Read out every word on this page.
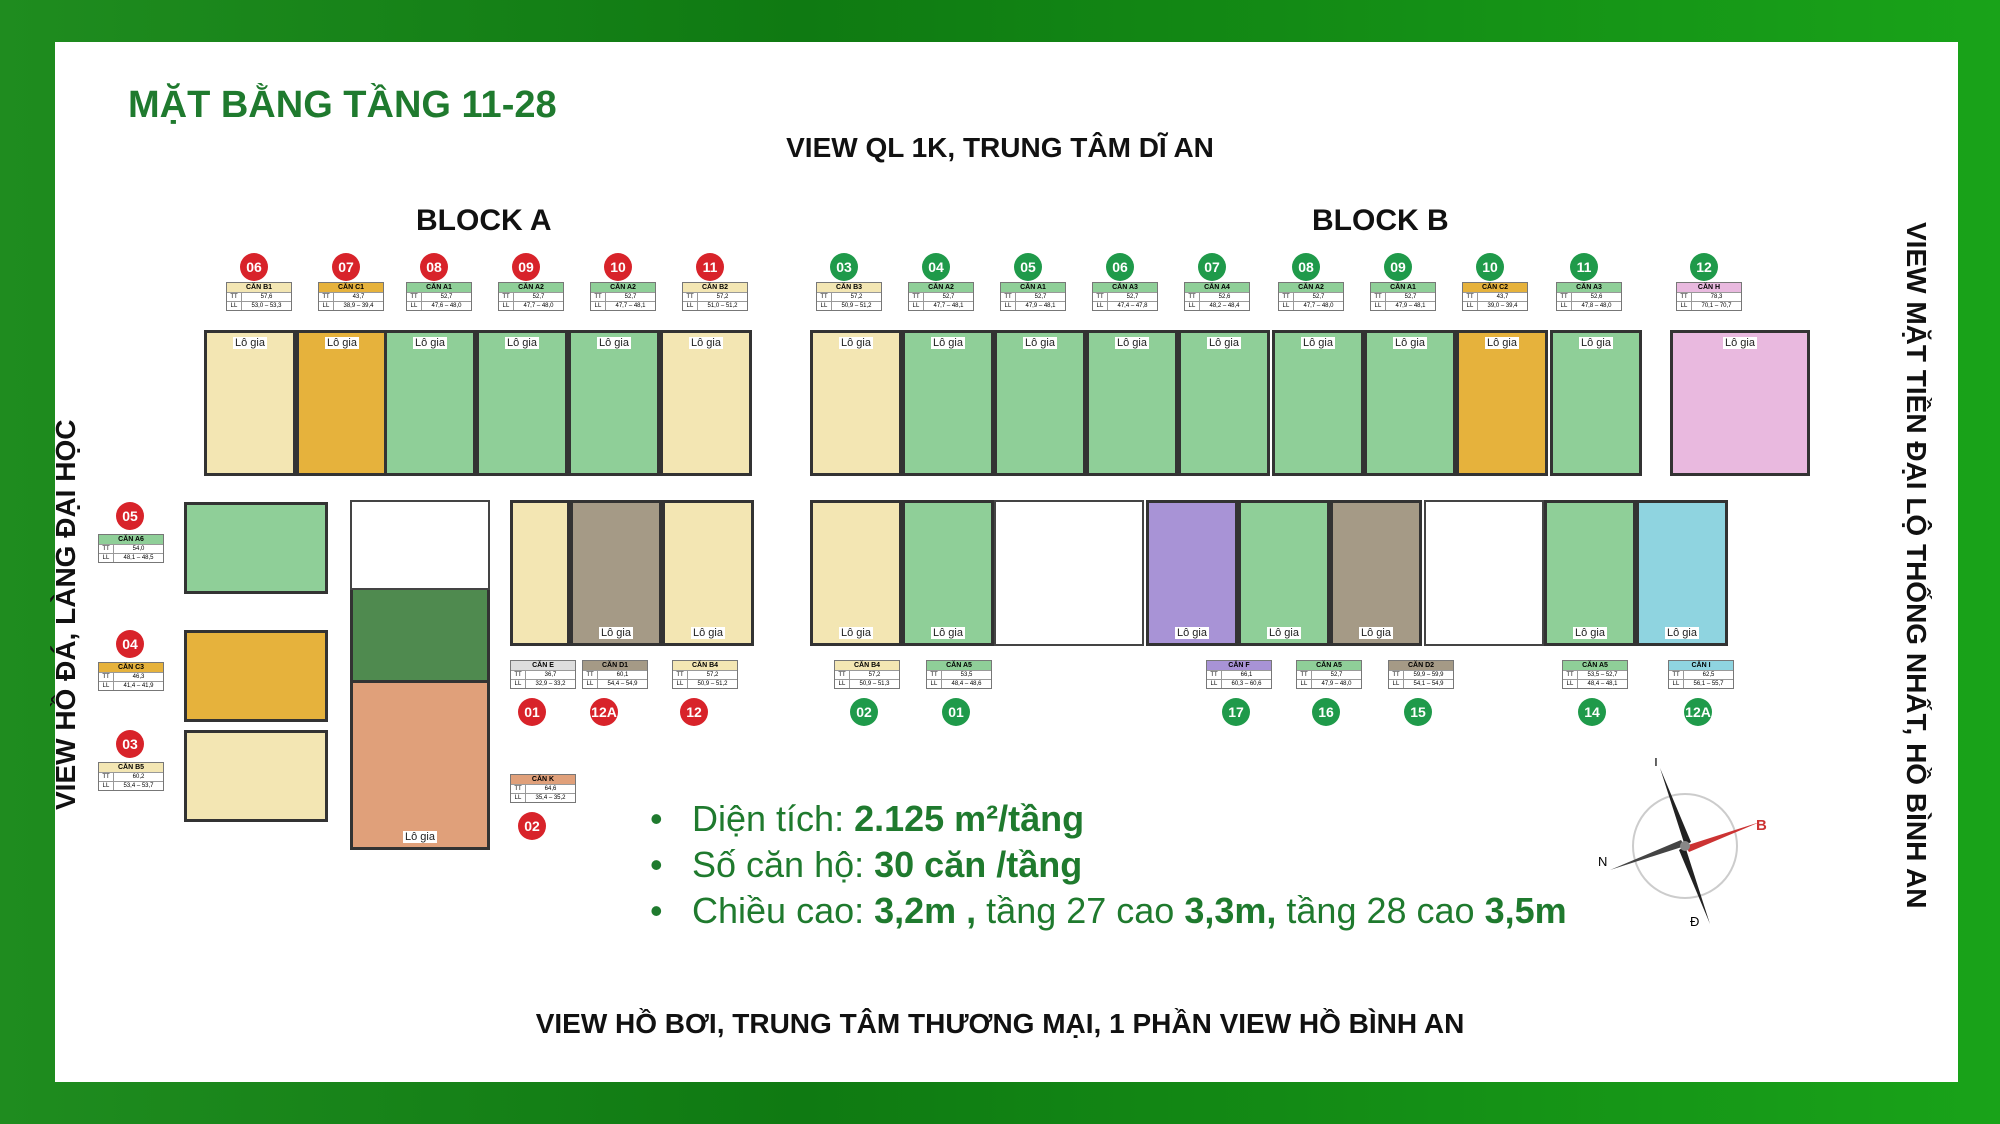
MẶT BẰNG TẦNG 11-28
VIEW QL 1K, TRUNG TÂM DĨ AN
VIEW HỒ BƠI, TRUNG TÂM THƯƠNG MẠI, 1 PHẦN VIEW HỒ BÌNH AN
VIEW HỒ ĐÁ, LÀNG ĐẠI HỌC	VIEW MẶT TIỀN ĐẠI LỘ THỐNG NHẤT, HỒ BÌNH AN
BLOCK A	BLOCK B
06
CĂN B1
TT	57,6
LL	53,0 – 53,3
Lô gia
07
CĂN C1
TT	43,7
LL	38,9 – 39,4
Lô gia
08
CĂN A1
TT	52,7
LL	47,6 – 48,0
Lô gia
09
CĂN A2
TT	52,7
LL	47,7 – 48,0
Lô gia
10
CĂN A2
TT	52,7
LL	47,7 – 48,1
Lô gia
11
CĂN B2
TT	57,2
LL	51,0 – 51,2
Lô gia
03
CĂN B3
TT	57,2
LL	50,9 – 51,2
Lô gia
04
CĂN A2
TT	52,7
LL	47,7 – 48,1
Lô gia
05
CĂN A1
TT	52,7
LL	47,9 – 48,1
Lô gia
06
CĂN A3
TT	52,7
LL	47,4 – 47,8
Lô gia
07
CĂN A4
TT	52,6
LL	48,2 – 48,4
Lô gia
08
CĂN A2
TT	52,7
LL	47,7 – 48,0
Lô gia
09
CĂN A1
TT	52,7
LL	47,9 – 48,1
Lô gia
10
CĂN C2
TT	43,7
LL	39,0 – 39,4
Lô gia
11
CĂN A3
TT	52,6
LL	47,8 – 48,0
Lô gia
12
CĂN H
TT	78,3
LL	70,1 – 70,7
Lô gia
05
CĂN A6
TT	54,0
LL	48,1 – 48,5
04
CĂN C3
TT	46,3
LL	41,4 – 41,9
03
CĂN B5
TT	60,2
LL	53,4 – 53,7
Lô gia
Lô gia	Lô gia
01
CĂN E
TT	36,7
LL	32,9 – 33,2
12A
CĂN D1
TT	60,1
LL	54,4 – 54,9
12
CĂN B4
TT	57,2
LL	50,9 – 51,2
02
CĂN K
TT	64,6
LL	35,4 – 35,2
Lô gia	Lô gia	Lô gia	Lô gia	Lô gia	Lô gia	Lô gia
02
CĂN B4
TT	57,2
LL	50,9 – 51,3
01
CĂN A5
TT	53,5
LL	48,4 – 48,6
17
CĂN F
TT	66,1
LL	60,3 – 60,6
16
CĂN A5
TT	52,7
LL	47,9 – 48,0
15
CĂN D2
TT	59,9 – 59,9
LL	54,1 – 54,9
14
CĂN A5
TT	53,5 – 52,7
LL	48,4 – 48,1
12A
CĂN I
TT	62,5
LL	56,1 – 55,7
• Diện tích: 2.125 m²/tầng
• Số căn hộ: 30 căn /tầng
• Chiều cao: 3,2m , tầng 27 cao 3,3m, tầng 28 cao 3,5m
T
N
B
Đ
